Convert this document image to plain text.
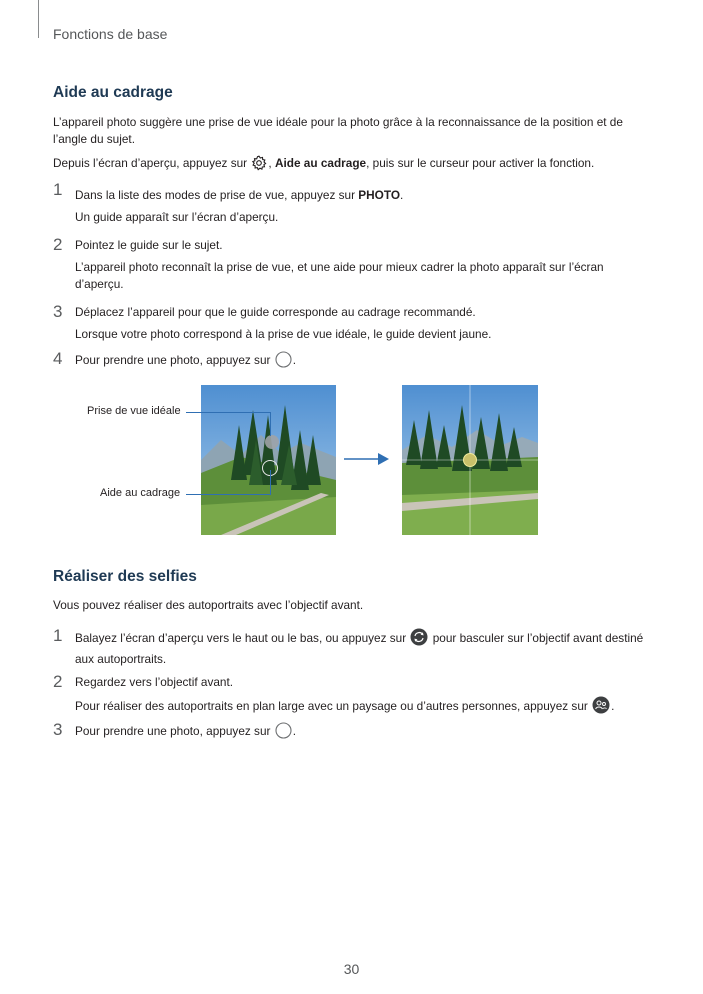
Fonctions de base
Aide au cadrage
L’appareil photo suggère une prise de vue idéale pour la photo grâce à la reconnaissance de la position et de l’angle du sujet.
Depuis l’écran d’aperçu, appuyez sur , Aide au cadrage, puis sur le curseur pour activer la fonction.
1 Dans la liste des modes de prise de vue, appuyez sur PHOTO.
Un guide apparaît sur l’écran d’aperçu.
2 Pointez le guide sur le sujet.
L’appareil photo reconnaît la prise de vue, et une aide pour mieux cadrer la photo apparaît sur l’écran d’aperçu.
3 Déplacez l’appareil pour que le guide corresponde au cadrage recommandé.
Lorsque votre photo correspond à la prise de vue idéale, le guide devient jaune.
4 Pour prendre une photo, appuyez sur .
Prise de vue idéale
Aide au cadrage
Réaliser des selfies
Vous pouvez réaliser des autoportraits avec l’objectif avant.
1 Balayez l’écran d’aperçu vers le haut ou le bas, ou appuyez sur  pour basculer sur l’objectif avant destiné aux autoportraits.
2 Regardez vers l’objectif avant.
Pour réaliser des autoportraits en plan large avec un paysage ou d’autres personnes, appuyez sur .
3 Pour prendre une photo, appuyez sur .
30
